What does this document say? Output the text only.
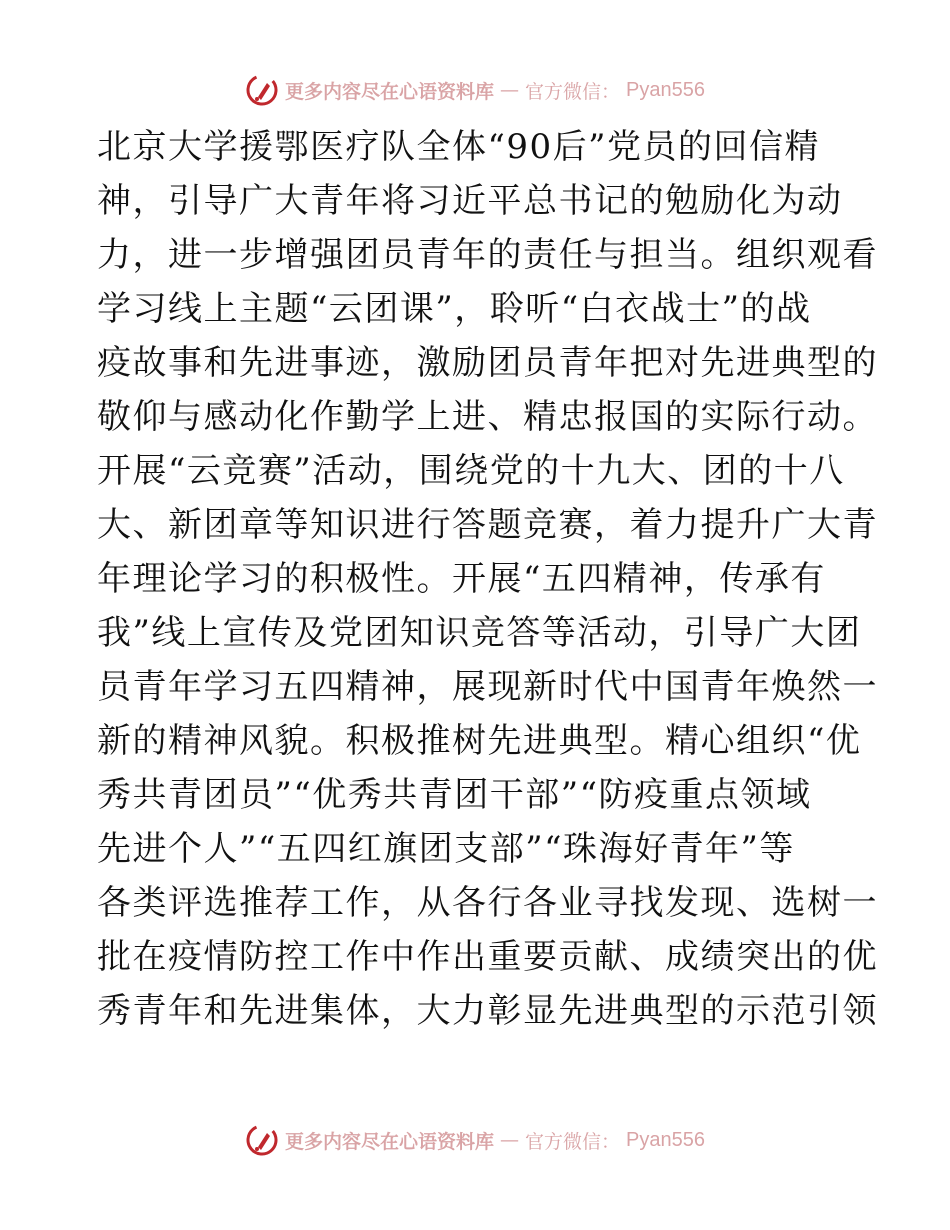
更多内容尽在心语资料库 — 官方微信： Pyan556
北京大学援鄂医疗队全体“90后”党员的回信精
神，引导广大青年将习近平总书记的勉励化为动
力，进一步增强团员青年的责任与担当。组织观看
学习线上主题“云团课”，聆听“白衣战士”的战
疫故事和先进事迹，激励团员青年把对先进典型的
敬仰与感动化作勤学上进、精忠报国的实际行动。
开展“云竞赛”活动，围绕党的十九大、团的十八
大、新团章等知识进行答题竞赛，着力提升广大青
年理论学习的积极性。开展“五四精神，传承有
我”线上宣传及党团知识竞答等活动，引导广大团
员青年学习五四精神，展现新时代中国青年焕然一
新的精神风貌。积极推树先进典型。精心组织“优
秀共青团员”“优秀共青团干部”“防疫重点领域
先进个人”“五四红旗团支部”“珠海好青年”等
各类评选推荐工作，从各行各业寻找发现、选树一
批在疫情防控工作中作出重要贡献、成绩突出的优
秀青年和先进集体，大力彰显先进典型的示范引领
更多内容尽在心语资料库 — 官方微信： Pyan556
